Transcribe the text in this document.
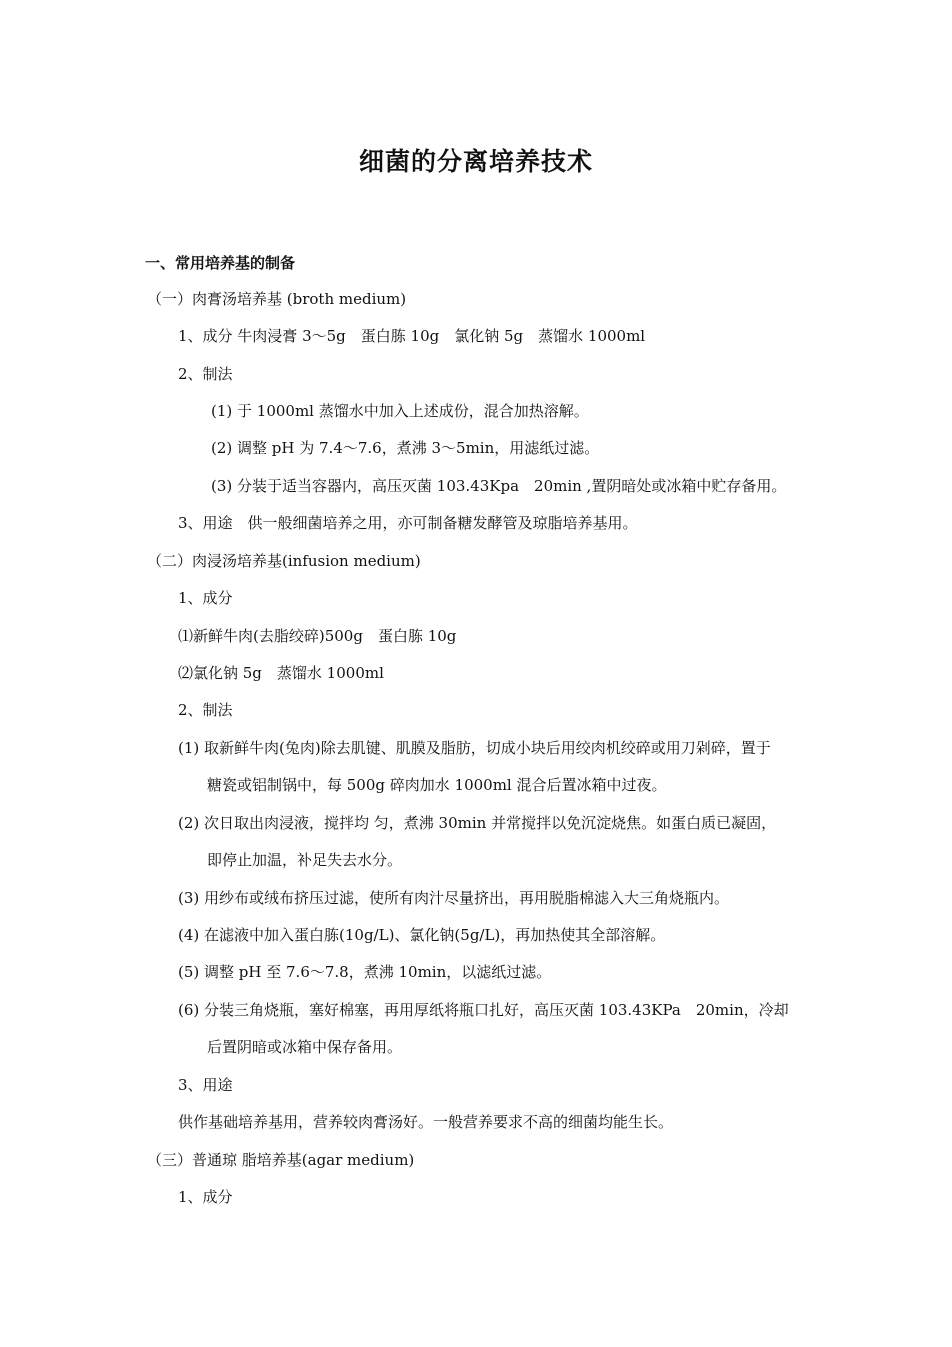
细菌的分离培养技术
一、常用培养基的制备
（一）肉膏汤培养基 (broth medium)
1、成分 牛肉浸膏 3～5g　蛋白胨 10g　氯化钠 5g　蒸馏水 1000ml
2、制法
(1) 于 1000ml 蒸馏水中加入上述成份，混合加热溶解。
(2) 调整 pH 为 7.4～7.6，煮沸 3～5min，用滤纸过滤。
(3) 分装于适当容器内，高压灭菌 103.43Kpa　20min ,置阴暗处或冰箱中贮存备用。
3、用途　供一般细菌培养之用，亦可制备糖发酵管及琼脂培养基用。
（二）肉浸汤培养基(infusion medium)
1、成分
⑴新鲜牛肉(去脂绞碎)500g　蛋白胨 10g
⑵氯化钠 5g　蒸馏水 1000ml
2、制法
(1) 取新鲜牛肉(兔肉)除去肌键、肌膜及脂肪，切成小块后用绞肉机绞碎或用刀剁碎，置于
糖瓷或铝制锅中，每 500g 碎肉加水 1000ml 混合后置冰箱中过夜。
(2) 次日取出肉浸液，搅拌均 匀，煮沸 30min 并常搅拌以免沉淀烧焦。如蛋白质已凝固，
即停止加温，补足失去水分。
(3) 用纱布或绒布挤压过滤，使所有肉汁尽量挤出，再用脱脂棉滤入大三角烧瓶内。
(4) 在滤液中加入蛋白胨(10g/L)、氯化钠(5g/L)，再加热使其全部溶解。
(5) 调整 pH 至 7.6～7.8，煮沸 10min，以滤纸过滤。
(6) 分装三角烧瓶，塞好棉塞，再用厚纸将瓶口扎好，高压灭菌 103.43KPa　20min，冷却
后置阴暗或冰箱中保存备用。
3、用途
供作基础培养基用，营养较肉膏汤好。一般营养要求不高的细菌均能生长。
（三）普通琼 脂培养基(agar medium)
1、成分
